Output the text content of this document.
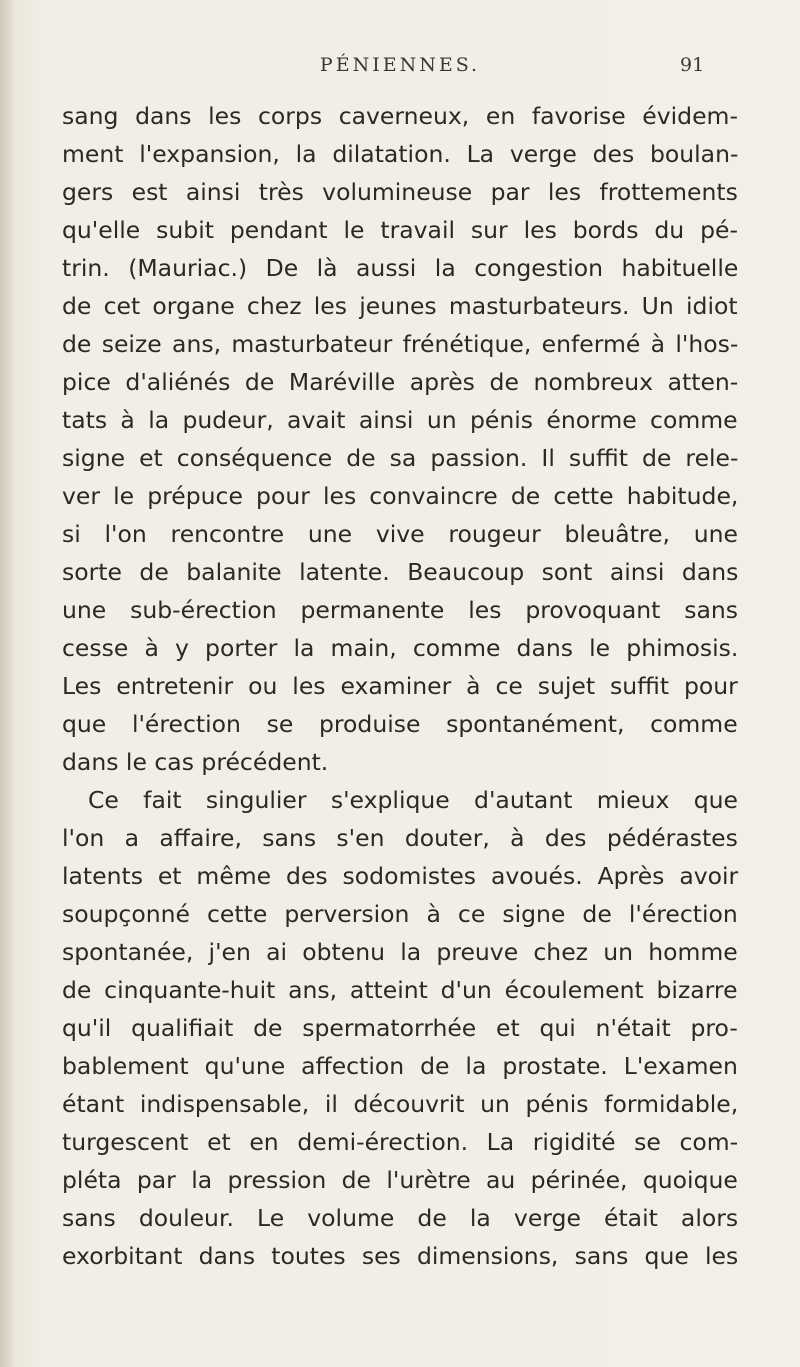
PÉNIENNES.	91
sang dans les corps caverneux, en favorise évidem-
ment l'expansion, la dilatation. La verge des boulan-
gers est ainsi très volumineuse par les frottements
qu'elle subit pendant le travail sur les bords du pé-
trin. (Mauriac.) De là aussi la congestion habituelle
de cet organe chez les jeunes masturbateurs. Un idiot
de seize ans, masturbateur frénétique, enfermé à l'hos-
pice d'aliénés de Maréville après de nombreux atten-
tats à la pudeur, avait ainsi un pénis énorme comme
signe et conséquence de sa passion. Il suffit de rele-
ver le prépuce pour les convaincre de cette habitude,
si l'on rencontre une vive rougeur bleuâtre, une
sorte de balanite latente. Beaucoup sont ainsi dans
une sub-érection permanente les provoquant sans
cesse à y porter la main, comme dans le phimosis.
Les entretenir ou les examiner à ce sujet suffit pour
que l'érection se produise spontanément, comme
dans le cas précédent.
Ce fait singulier s'explique d'autant mieux que
l'on a affaire, sans s'en douter, à des pédérastes
latents et même des sodomistes avoués. Après avoir
soupçonné cette perversion à ce signe de l'érection
spontanée, j'en ai obtenu la preuve chez un homme
de cinquante-huit ans, atteint d'un écoulement bizarre
qu'il qualifiait de spermatorrhée et qui n'était pro-
bablement qu'une affection de la prostate. L'examen
étant indispensable, il découvrit un pénis formidable,
turgescent et en demi-érection. La rigidité se com-
pléta par la pression de l'urètre au périnée, quoique
sans douleur. Le volume de la verge était alors
exorbitant dans toutes ses dimensions, sans que les
